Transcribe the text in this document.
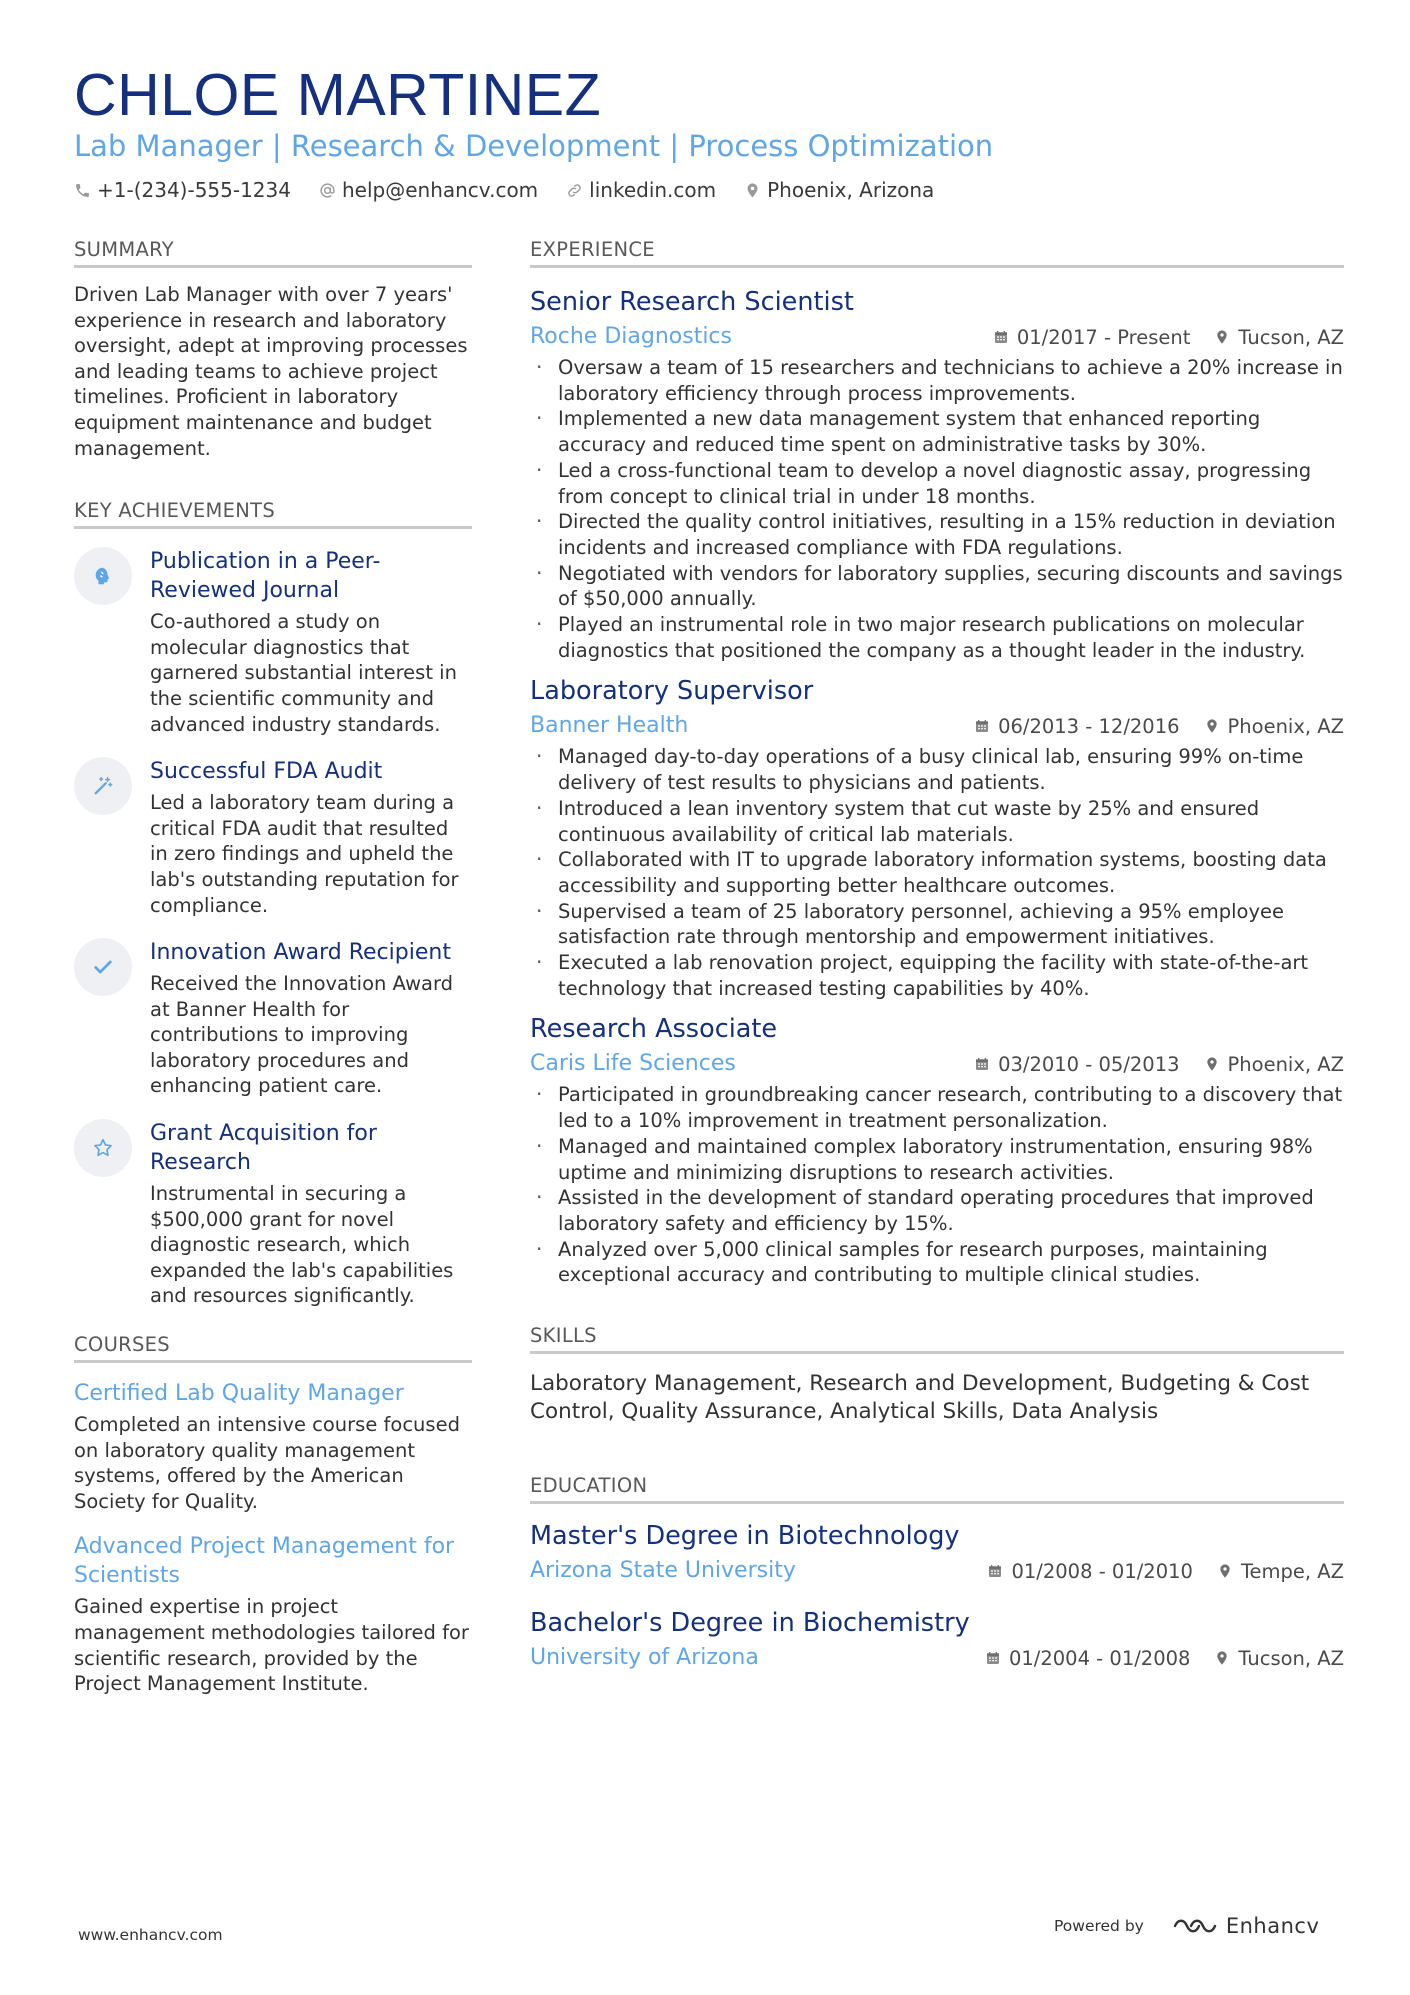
CHLOE MARTINEZ
Lab Manager | Research & Development | Process Optimization
+1-(234)-555-1234	help@enhancv.com	linkedin.com	Phoenix, Arizona
SUMMARY
Driven Lab Manager with over 7 years' experience in research and laboratory oversight, adept at improving processes and leading teams to achieve project timelines. Proficient in laboratory equipment maintenance and budget management.
KEY ACHIEVEMENTS
Publication in a Peer-Reviewed Journal
Co-authored a study on molecular diagnostics that garnered substantial interest in the scientific community and advanced industry standards.
Successful FDA Audit
Led a laboratory team during a critical FDA audit that resulted in zero findings and upheld the lab's outstanding reputation for compliance.
Innovation Award Recipient
Received the Innovation Award at Banner Health for contributions to improving laboratory procedures and enhancing patient care.
Grant Acquisition for Research
Instrumental in securing a $500,000 grant for novel diagnostic research, which expanded the lab's capabilities and resources significantly.
COURSES
Certified Lab Quality Manager
Completed an intensive course focused on laboratory quality management systems, offered by the American Society for Quality.
Advanced Project Management for Scientists
Gained expertise in project management methodologies tailored for scientific research, provided by the Project Management Institute.
EXPERIENCE
Senior Research Scientist
Roche Diagnostics	01/2017 - Present Tucson, AZ
· Oversaw a team of 15 researchers and technicians to achieve a 20% increase in laboratory efficiency through process improvements.
· Implemented a new data management system that enhanced reporting accuracy and reduced time spent on administrative tasks by 30%.
· Led a cross-functional team to develop a novel diagnostic assay, progressing from concept to clinical trial in under 18 months.
· Directed the quality control initiatives, resulting in a 15% reduction in deviation incidents and increased compliance with FDA regulations.
· Negotiated with vendors for laboratory supplies, securing discounts and savings of $50,000 annually.
· Played an instrumental role in two major research publications on molecular diagnostics that positioned the company as a thought leader in the industry.
Laboratory Supervisor
Banner Health	06/2013 - 12/2016 Phoenix, AZ
· Managed day-to-day operations of a busy clinical lab, ensuring 99% on-time delivery of test results to physicians and patients.
· Introduced a lean inventory system that cut waste by 25% and ensured continuous availability of critical lab materials.
· Collaborated with IT to upgrade laboratory information systems, boosting data accessibility and supporting better healthcare outcomes.
· Supervised a team of 25 laboratory personnel, achieving a 95% employee satisfaction rate through mentorship and empowerment initiatives.
· Executed a lab renovation project, equipping the facility with state-of-the-art technology that increased testing capabilities by 40%.
Research Associate
Caris Life Sciences	03/2010 - 05/2013 Phoenix, AZ
· Participated in groundbreaking cancer research, contributing to a discovery that led to a 10% improvement in treatment personalization.
· Managed and maintained complex laboratory instrumentation, ensuring 98% uptime and minimizing disruptions to research activities.
· Assisted in the development of standard operating procedures that improved laboratory safety and efficiency by 15%.
· Analyzed over 5,000 clinical samples for research purposes, maintaining exceptional accuracy and contributing to multiple clinical studies.
SKILLS
Laboratory Management, Research and Development, Budgeting & Cost Control, Quality Assurance, Analytical Skills, Data Analysis
EDUCATION
Master's Degree in Biotechnology
Arizona State University	01/2008 - 01/2010 Tempe, AZ
Bachelor's Degree in Biochemistry
University of Arizona	01/2004 - 01/2008 Tucson, AZ
www.enhancv.com	Powered by	Enhancv
